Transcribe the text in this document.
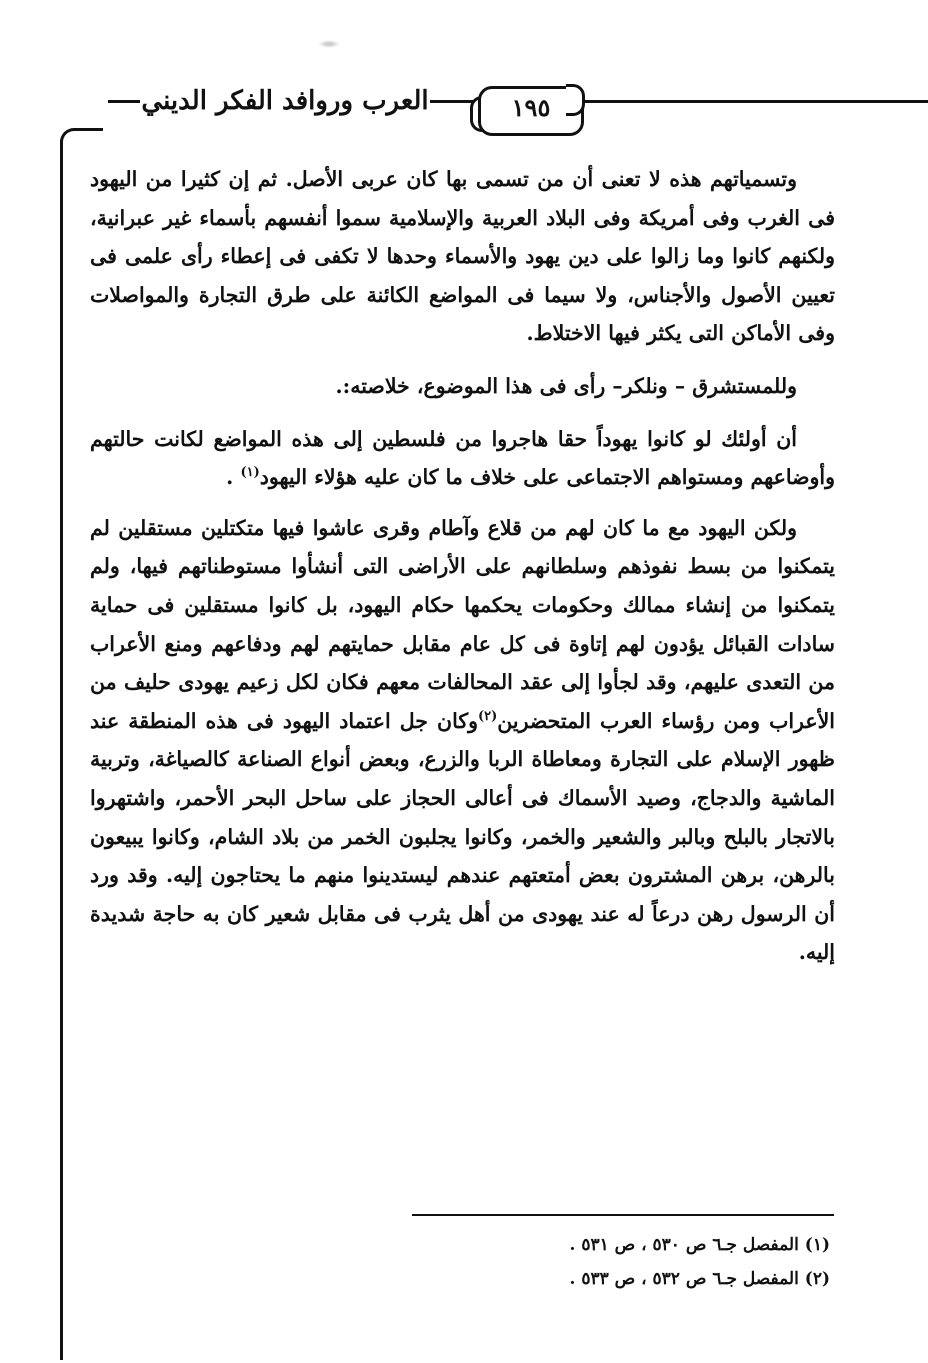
العرب وروافد الفكر الديني	١٩٥

وتسمياتهم هذه لا تعنى أن من تسمى بها كان عربى الأصل. ثم إن كثيرا من اليهود فى الغرب وفى أمريكة وفى البلاد العربية والإسلامية سموا أنفسهم بأسماء غير عبرانية، ولكنهم كانوا وما زالوا على دين يهود والأسماء وحدها لا تكفى فى إعطاء رأى علمى فى تعيين الأصول والأجناس، ولا سيما فى المواضع الكائنة على طرق التجارة والمواصلات وفى الأماكن التى يكثر فيها الاختلاط.

وللمستشرق – ونلكر– رأى فى هذا الموضوع، خلاصته:.

أن أولئك لو كانوا يهوداً حقا هاجروا من فلسطين إلى هذه المواضع لكانت حالتهم وأوضاعهم ومستواهم الاجتماعى على خلاف ما كان عليه هؤلاء اليهود$^{(١)}$ .

ولكن اليهود مع ما كان لهم من قلاع وآطام وقرى عاشوا فيها متكتلين مستقلين لم يتمكنوا من بسط نفوذهم وسلطانهم على الأراضى التى أنشأوا مستوطناتهم فيها، ولم يتمكنوا من إنشاء ممالك وحكومات يحكمها حكام اليهود، بل كانوا مستقلين فى حماية سادات القبائل يؤدون لهم إتاوة فى كل عام مقابل حمايتهم لهم ودفاعهم ومنع الأعراب من التعدى عليهم، وقد لجأوا إلى عقد المحالفات معهم فكان لكل زعيم يهودى حليف من الأعراب ومن رؤساء العرب المتحضرين$^{(٢)}$وكان جل اعتماد اليهود فى هذه المنطقة عند ظهور الإسلام على التجارة ومعاطاة الربا والزرع، وبعض أنواع الصناعة كالصياغة، وتربية الماشية والدجاج، وصيد الأسماك فى أعالى الحجاز على ساحل البحر الأحمر، واشتهروا بالاتجار بالبلح وبالبر والشعير والخمر، وكانوا يجلبون الخمر من بلاد الشام، وكانوا يبيعون بالرهن، برهن المشترون بعض أمتعتهم عندهم ليستدينوا منهم ما يحتاجون إليه. وقد ورد أن الرسول رهن درعاً له عند يهودى من أهل يثرب فى مقابل شعير كان به حاجة شديدة إليه.

(١) المفصل جـ٦ ص ٥٣٠ ، ص ٥٣١ .

(٢) المفصل جـ٦ ص ٥٣٢ ، ص ٥٣٣ .
